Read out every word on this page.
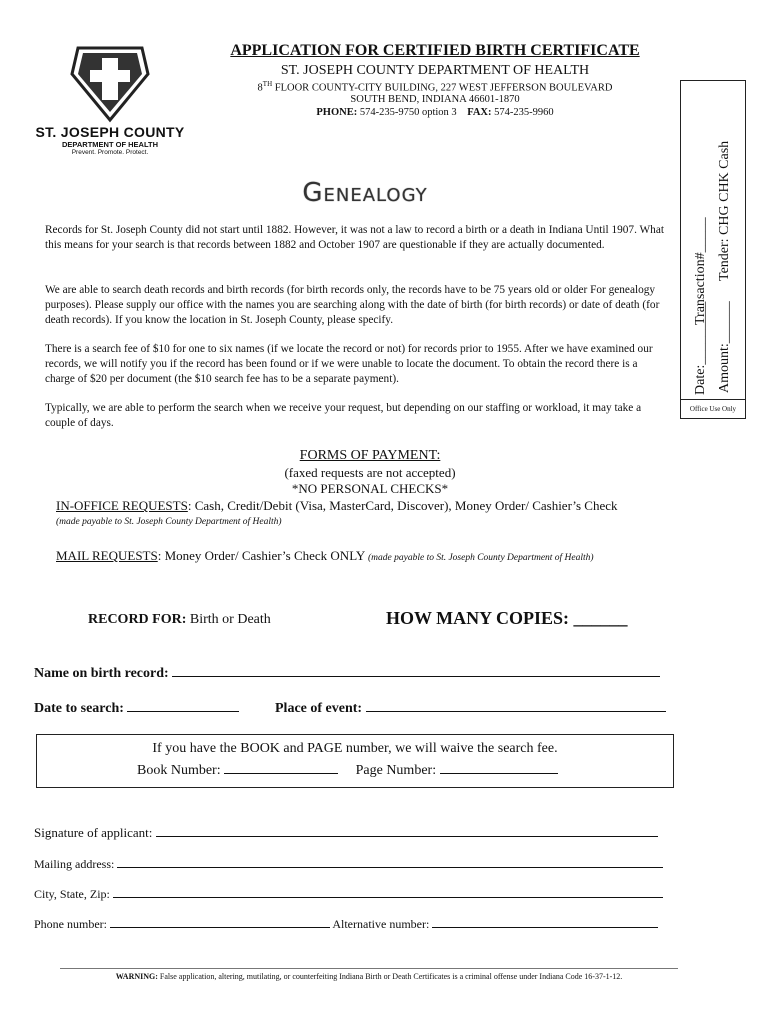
ST. JOSEPH COUNTY
DEPARTMENT OF HEALTH
Prevent. Promote. Protect.
APPLICATION FOR CERTIFIED BIRTH CERTIFICATE
ST. JOSEPH COUNTY DEPARTMENT OF HEALTH
8TH FLOOR COUNTY-CITY BUILDING, 227 WEST JEFFERSON BOULEVARD
SOUTH BEND, INDIANA 46601-1870
PHONE: 574-235-9750 option 3 FAX: 574-235-9960
Genealogy
Records for St. Joseph County did not start until 1882. However, it was not a law to record a birth or a death in Indiana Until 1907. What this means for your search is that records between 1882 and October 1907 are questionable if they are actually documented.
We are able to search death records and birth records (for birth records only, the records have to be 75 years old or older For genealogy purposes). Please supply our office with the names you are searching along with the date of birth (for birth records) or date of death (for death records). If you know the location in St. Joseph County, please specify.
There is a search fee of $10 for one to six names (if we locate the record or not) for records prior to 1955. After we have examined our records, we will notify you if the record has been found or if we were unable to locate the document. To obtain the record there is a charge of $20 per document (the $10 search fee has to be a separate payment).
Typically, we are able to perform the search when we receive your request, but depending on our staffing or workload, it may take a couple of days.
FORMS OF PAYMENT:
(faxed requests are not accepted)
*NO PERSONAL CHECKS*
IN-OFFICE REQUESTS: Cash, Credit/Debit (Visa, MasterCard, Discover), Money Order/ Cashier’s Check
(made payable to St. Joseph County Department of Health)
MAIL REQUESTS: Money Order/ Cashier’s Check ONLY (made payable to St. Joseph County Department of Health)
RECORD FOR: Birth or Death	HOW MANY COPIES: ______
Name on birth record:
Date to search:	Place of event:
If you have the BOOK and PAGE number, we will waive the search fee.
Book Number:	Page Number:
Signature of applicant:
Mailing address:
City, State, Zip:
Phone number:	Alternative number:
WARNING: False application, altering, mutilating, or counterfeiting Indiana Birth or Death Certificates is a criminal offense under Indiana Code 16-37-1-12.
Date:_________
Transaction#_____
Amount:______
Tender: CHG CHK Cash
Office Use Only
